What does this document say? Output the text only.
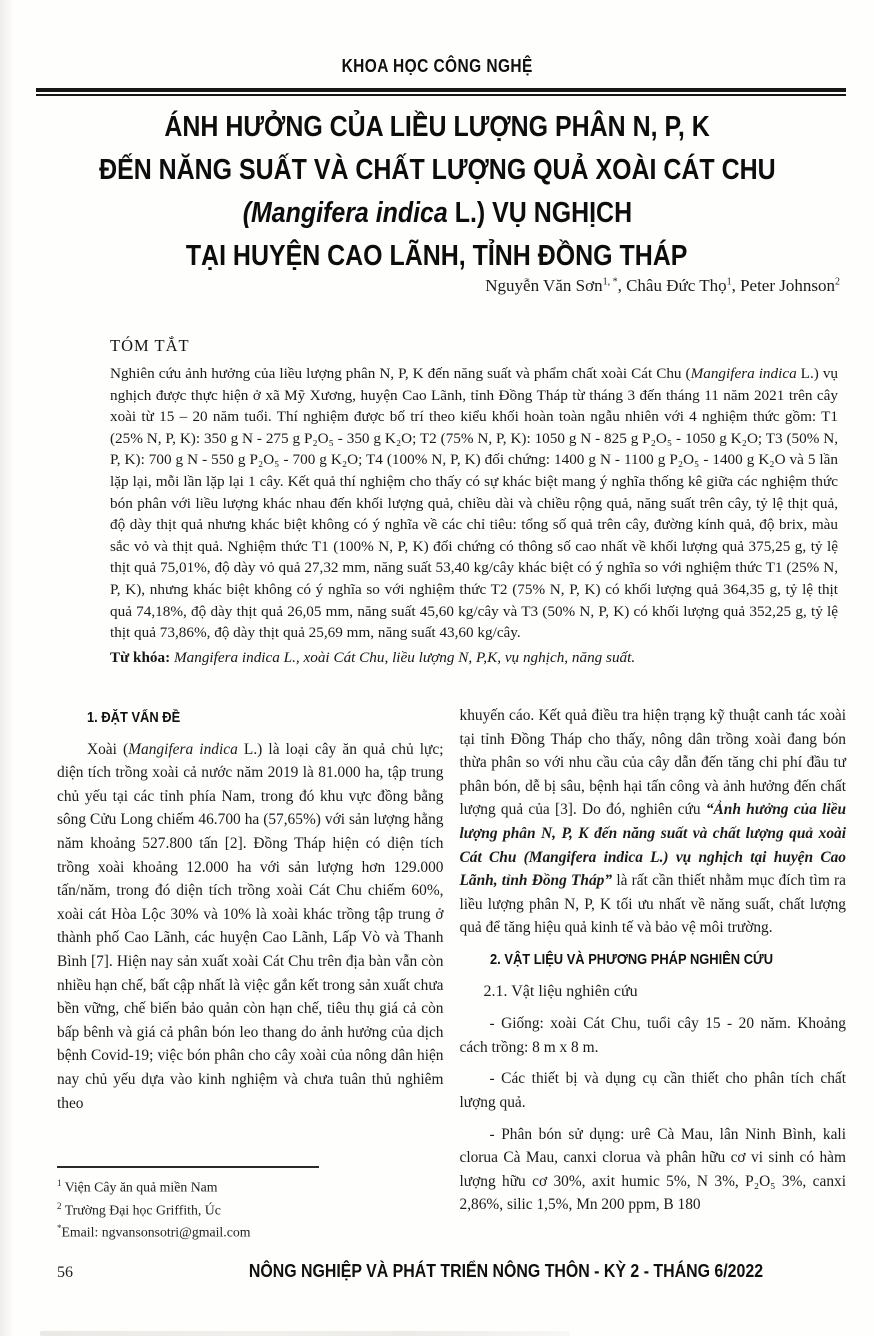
KHOA HỌC CÔNG NGHỆ
ÁNH HƯỞNG CỦA LIỀU LƯỢNG PHÂN N, P, K
ĐẾN NĂNG SUẤT VÀ CHẤT LƯỢNG QUẢ XOÀI CÁT CHU
(Mangifera indica L.) VỤ NGHỊCH
TẠI HUYỆN CAO LÃNH, TỈNH ĐỒNG THÁP
Nguyễn Văn Sơn$^{1, *}$, Châu Đức Thọ$^1$, Peter Johnson$^2$
TÓM TẮT
Nghiên cứu ảnh hưởng của liều lượng phân N, P, K đến năng suất và phẩm chất xoài Cát Chu (Mangifera indica L.) vụ nghịch được thực hiện ở xã Mỹ Xương, huyện Cao Lãnh, tỉnh Đồng Tháp từ tháng 3 đến tháng 11 năm 2021 trên cây xoài từ 15 – 20 năm tuổi. Thí nghiệm được bố trí theo kiểu khối hoàn toàn ngẫu nhiên với 4 nghiệm thức gồm: T1 (25% N, P, K): 350 g N - 275 g P₂O₅ - 350 g K₂O; T2 (75% N, P, K): 1050 g N - 825 g P₂O₅ - 1050 g K₂O; T3 (50% N, P, K): 700 g N - 550 g P₂O₅ - 700 g K₂O; T4 (100% N, P, K) đối chứng: 1400 g N - 1100 g P₂O₅ - 1400 g K₂O và 5 lần lặp lại, mỗi lần lặp lại 1 cây. Kết quả thí nghiệm cho thấy có sự khác biệt mang ý nghĩa thống kê giữa các nghiệm thức bón phân với liều lượng khác nhau đến khối lượng quả, chiều dài và chiều rộng quả, năng suất trên cây, tỷ lệ thịt quả, độ dày thịt quả nhưng khác biệt không có ý nghĩa về các chỉ tiêu: tổng số quả trên cây, đường kính quả, độ brix, màu sắc vỏ và thịt quả. Nghiệm thức T1 (100% N, P, K) đối chứng có thông số cao nhất về khối lượng quả 375,25 g, tỷ lệ thịt quả 75,01%, độ dày vỏ quả 27,32 mm, năng suất 53,40 kg/cây khác biệt có ý nghĩa so với nghiệm thức T1 (25% N, P, K), nhưng khác biệt không có ý nghĩa so với nghiệm thức T2 (75% N, P, K) có khối lượng quả 364,35 g, tỷ lệ thịt quả 74,18%, độ dày thịt quả 26,05 mm, năng suất 45,60 kg/cây và T3 (50% N, P, K) có khối lượng quả 352,25 g, tỷ lệ thịt quả 73,86%, độ dày thịt quả 25,69 mm, năng suất 43,60 kg/cây.
Từ khóa: Mangifera indica L., xoài Cát Chu, liều lượng N, P,K, vụ nghịch, năng suất.
1. ĐẶT VẤN ĐỀ

Xoài (Mangifera indica L.) là loại cây ăn quả chủ lực; diện tích trồng xoài cả nước năm 2019 là 81.000 ha, tập trung chủ yếu tại các tỉnh phía Nam, trong đó khu vực đồng bằng sông Cửu Long chiếm 46.700 ha (57,65%) với sản lượng hằng năm khoảng 527.800 tấn [2]. Đồng Tháp hiện có diện tích trồng xoài khoảng 12.000 ha với sản lượng hơn 129.000 tấn/năm, trong đó diện tích trồng xoài Cát Chu chiếm 60%, xoài cát Hòa Lộc 30% và 10% là xoài khác trồng tập trung ở thành phố Cao Lãnh, các huyện Cao Lãnh, Lấp Vò và Thanh Bình [7]. Hiện nay sản xuất xoài Cát Chu trên địa bàn vẫn còn nhiều hạn chế, bất cập nhất là việc gắn kết trong sản xuất chưa bền vững, chế biến bảo quản còn hạn chế, tiêu thụ giá cả còn bấp bênh và giá cả phân bón leo thang do ảnh hưởng của dịch bệnh Covid-19; việc bón phân cho cây xoài của nông dân hiện nay chủ yếu dựa vào kinh nghiệm và chưa tuân thủ nghiêm theo

khuyến cáo. Kết quả điều tra hiện trạng kỹ thuật canh tác xoài tại tỉnh Đồng Tháp cho thấy, nông dân trồng xoài đang bón thừa phân so với nhu cầu của cây dẫn đến tăng chi phí đầu tư phân bón, dễ bị sâu, bệnh hại tấn công và ảnh hưởng đến chất lượng quả của [3]. Do đó, nghiên cứu “Ảnh hưởng của liều lượng phân N, P, K đến năng suất và chất lượng quả xoài Cát Chu (Mangifera indica L.) vụ nghịch tại huyện Cao Lãnh, tỉnh Đồng Tháp” là rất cần thiết nhằm mục đích tìm ra liều lượng phân N, P, K tối ưu nhất về năng suất, chất lượng quả để tăng hiệu quả kinh tế và bảo vệ môi trường.

2. VẬT LIỆU VÀ PHƯƠNG PHÁP NGHIÊN CỨU
2.1. Vật liệu nghiên cứu

- Giống: xoài Cát Chu, tuổi cây 15 - 20 năm. Khoảng cách trồng: 8 m x 8 m.

- Các thiết bị và dụng cụ cần thiết cho phân tích chất lượng quả.

- Phân bón sử dụng: urê Cà Mau, lân Ninh Bình, kali clorua Cà Mau, canxi clorua và phân hữu cơ vi sinh có hàm lượng hữu cơ 30%, axit humic 5%, N 3%, P₂O₅ 3%, canxi 2,86%, silic 1,5%, Mn 200 ppm, B 180

$^1$ Viện Cây ăn quả miền Nam
$^2$ Trường Đại học Griffith, Úc
*Email: ngvansonsotri@gmail.com
56	NÔNG NGHIỆP VÀ PHÁT TRIỂN NÔNG THÔN - KỲ 2 - THÁNG 6/2022
